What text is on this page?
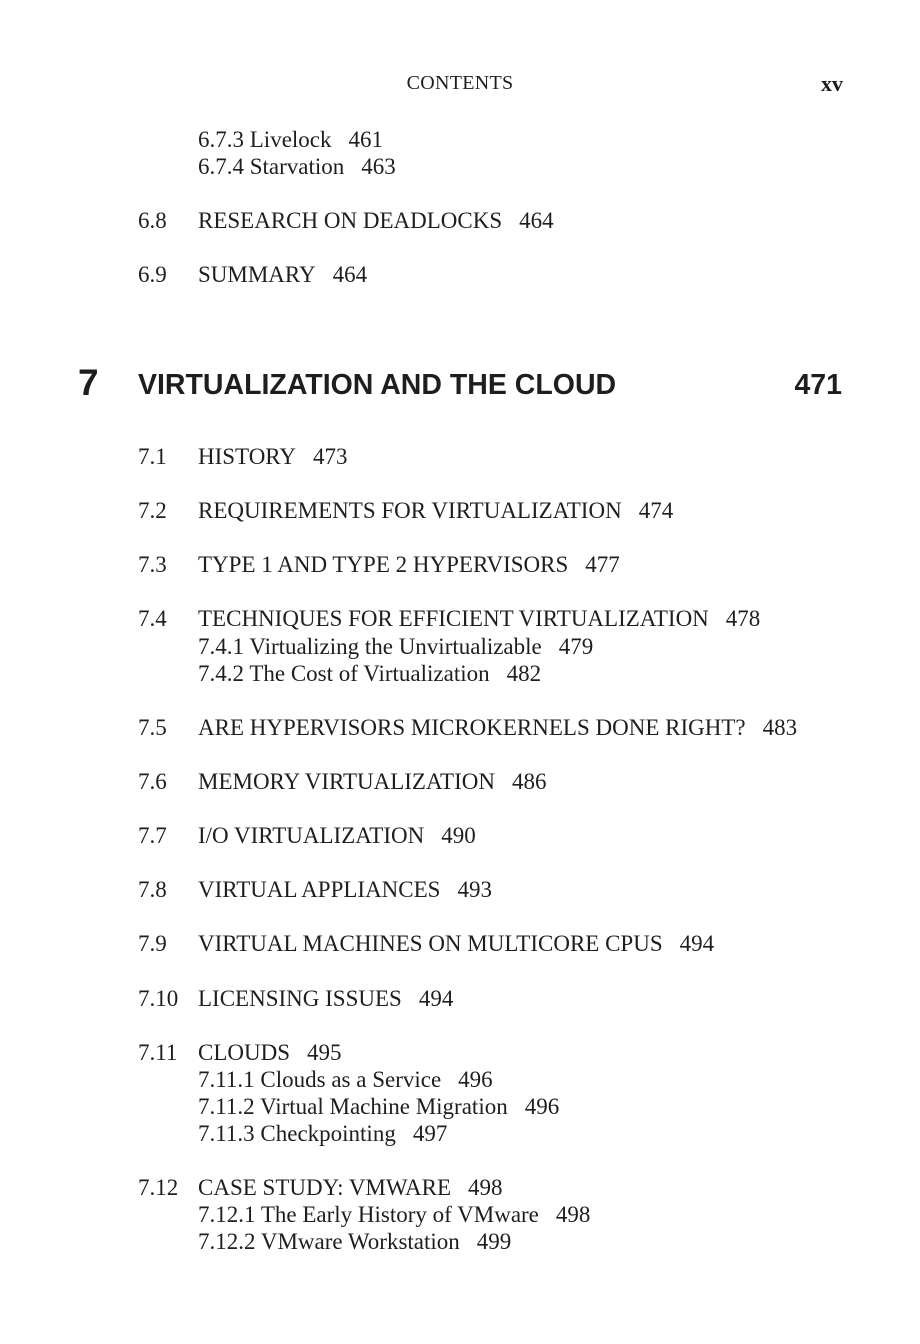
CONTENTS	xv
6.7.3 Livelock 461
6.7.4 Starvation 463
6.8 RESEARCH ON DEADLOCKS 464
6.9 SUMMARY 464
7 VIRTUALIZATION AND THE CLOUD	471
7.1 HISTORY 473
7.2 REQUIREMENTS FOR VIRTUALIZATION 474
7.3 TYPE 1 AND TYPE 2 HYPERVISORS 477
7.4 TECHNIQUES FOR EFFICIENT VIRTUALIZATION 478
7.4.1 Virtualizing the Unvirtualizable 479
7.4.2 The Cost of Virtualization 482
7.5 ARE HYPERVISORS MICROKERNELS DONE RIGHT? 483
7.6 MEMORY VIRTUALIZATION 486
7.7 I/O VIRTUALIZATION 490
7.8 VIRTUAL APPLIANCES 493
7.9 VIRTUAL MACHINES ON MULTICORE CPUS 494
7.10 LICENSING ISSUES 494
7.11 CLOUDS 495
7.11.1 Clouds as a Service 496
7.11.2 Virtual Machine Migration 496
7.11.3 Checkpointing 497
7.12 CASE STUDY: VMWARE 498
7.12.1 The Early History of VMware 498
7.12.2 VMware Workstation 499
